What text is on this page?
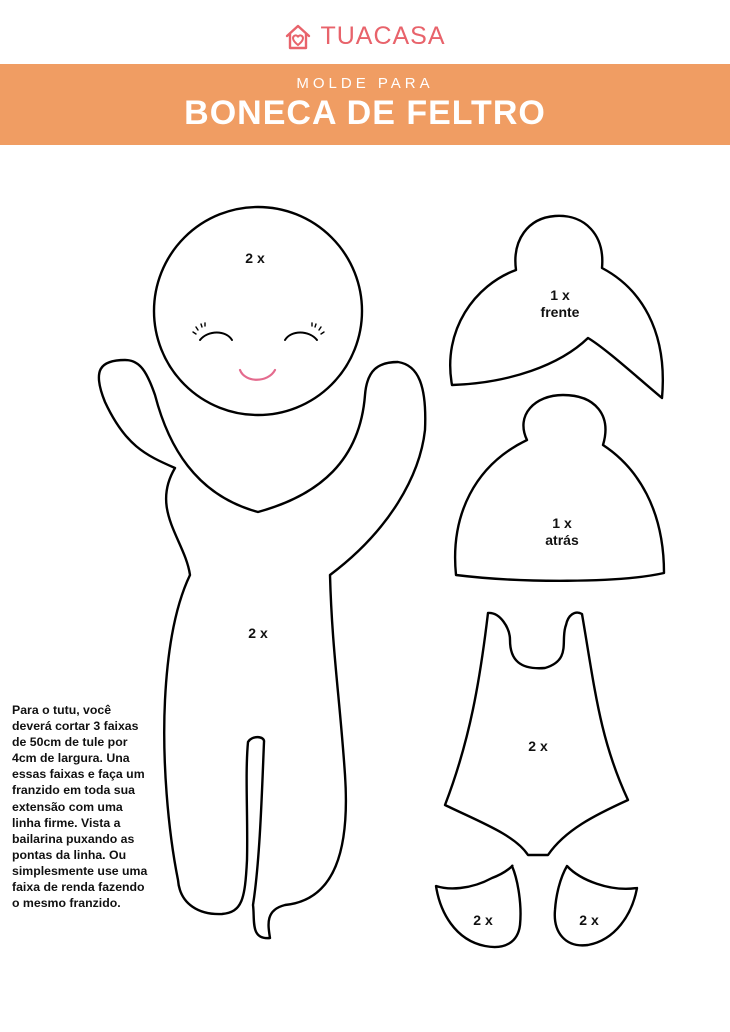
TUACASA
MOLDE PARA
BONECA DE FELTRO
2 x
2 x
1 x
frente
1 x
atrás
2 x
2 x	2 x
Para o tutu, você deverá cortar 3 faixas de 50cm de tule por 4cm de largura. Una essas faixas e faça um franzido em toda sua extensão com uma linha firme. Vista a bailarina puxando as pontas da linha. Ou simplesmente use uma faixa de renda fazendo o mesmo franzido.
